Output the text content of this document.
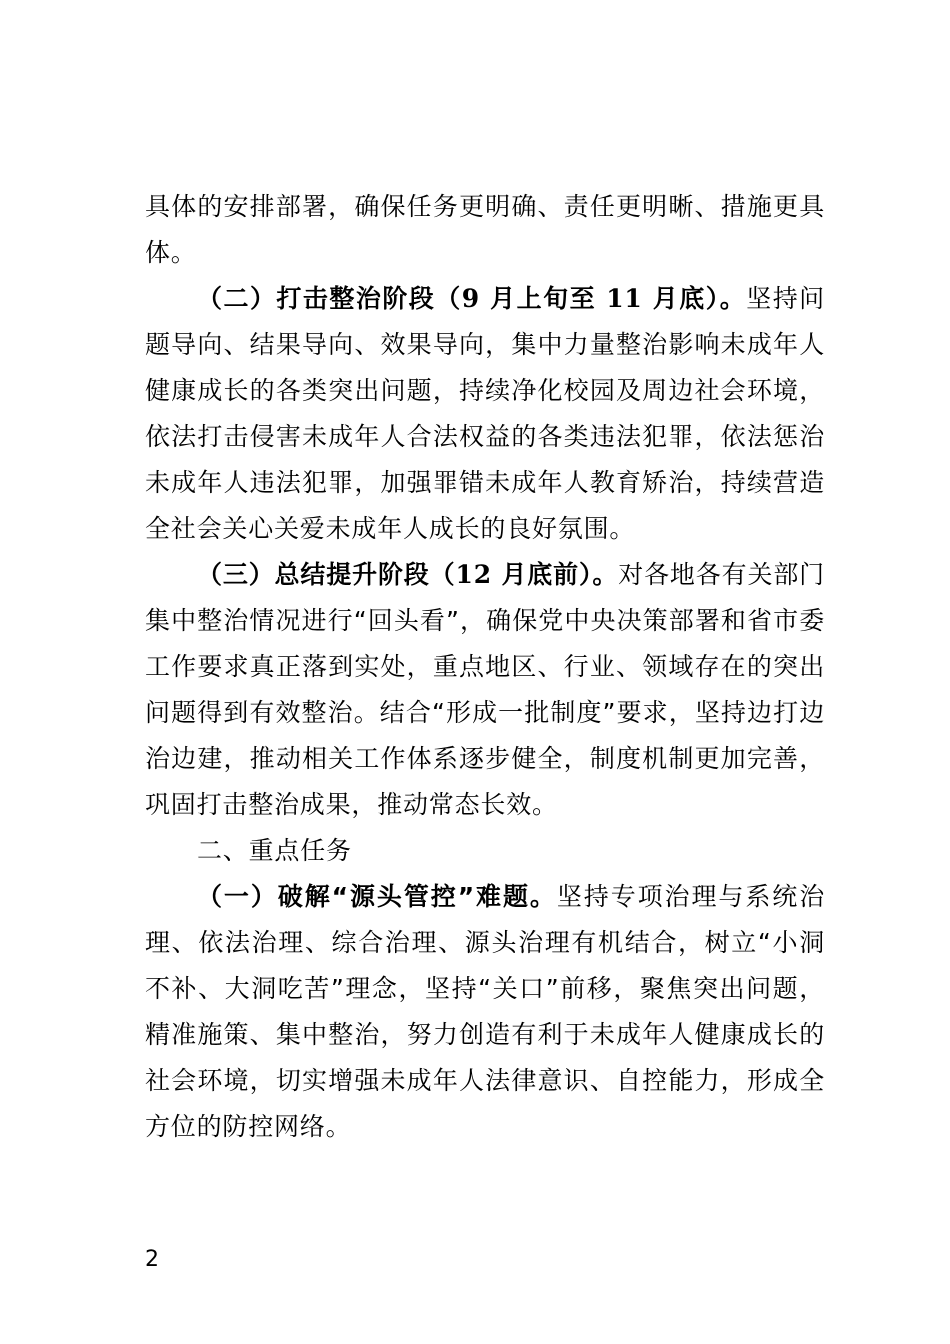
具体的安排部署，确保任务更明确、责任更明晰、措施更具体。

（二）打击整治阶段（9 月上旬至 11 月底）。坚持问题导向、结果导向、效果导向，集中力量整治影响未成年人健康成长的各类突出问题，持续净化校园及周边社会环境，依法打击侵害未成年人合法权益的各类违法犯罪，依法惩治未成年人违法犯罪，加强罪错未成年人教育矫治，持续营造全社会关心关爱未成年人成长的良好氛围。

（三）总结提升阶段（12 月底前）。对各地各有关部门集中整治情况进行“回头看”，确保党中央决策部署和省市委工作要求真正落到实处，重点地区、行业、领域存在的突出问题得到有效整治。结合“形成一批制度”要求，坚持边打边治边建，推动相关工作体系逐步健全，制度机制更加完善，巩固打击整治成果，推动常态长效。

二、重点任务

（一）破解“源头管控”难题。坚持专项治理与系统治理、依法治理、综合治理、源头治理有机结合，树立“小洞不补、大洞吃苦”理念，坚持“关口”前移，聚焦突出问题，精准施策、集中整治，努力创造有利于未成年人健康成长的社会环境，切实增强未成年人法律意识、自控能力，形成全方位的防控网络。

2
